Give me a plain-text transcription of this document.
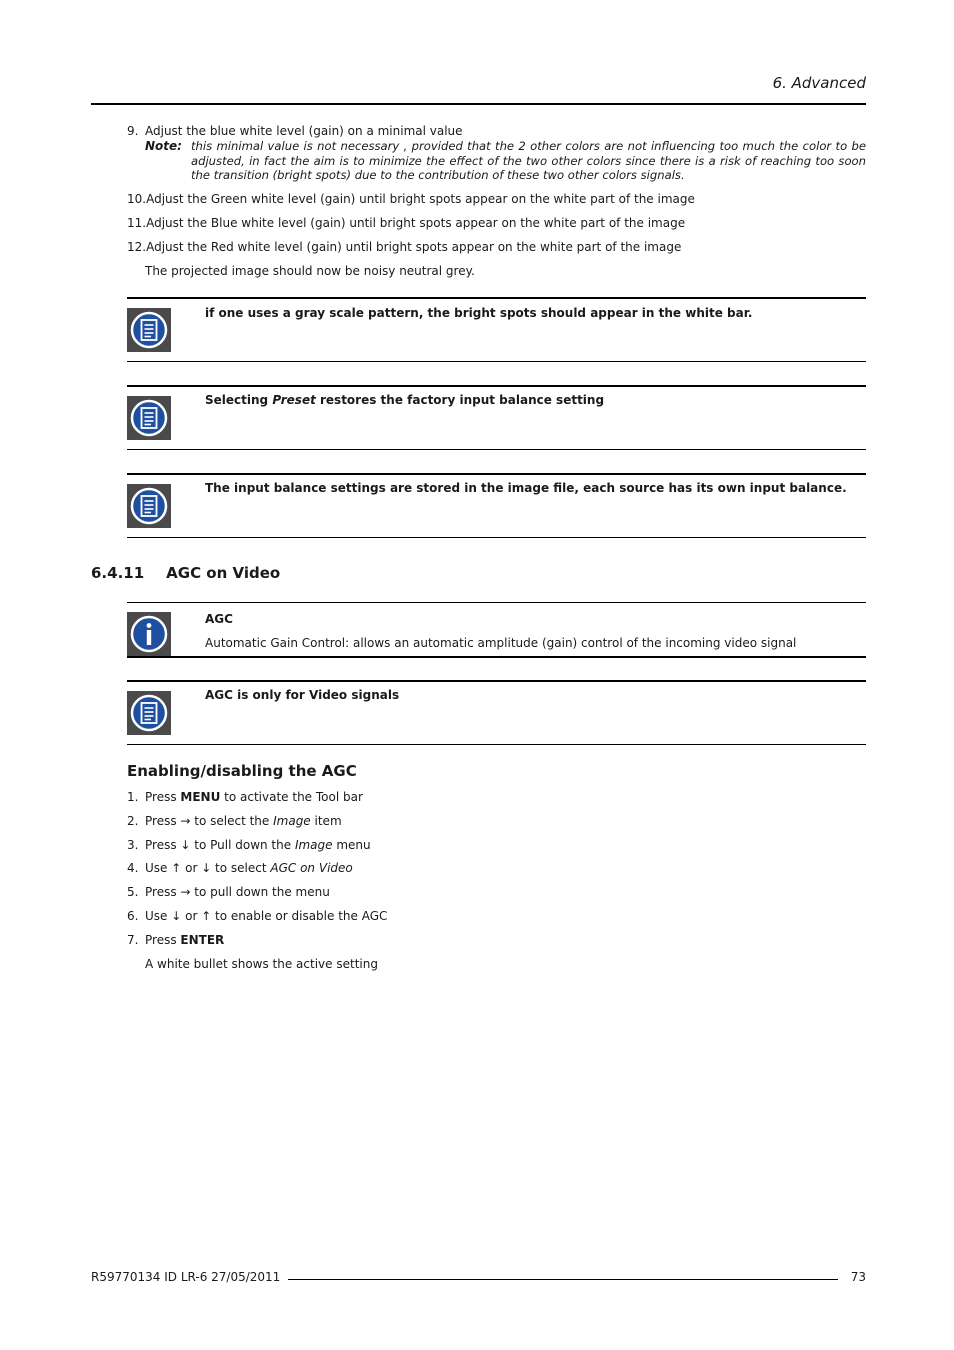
6. Advanced
9. Adjust the blue white level (gain) on a minimal value
Note: this minimal value is not necessary , provided that the 2 other colors are not influencing too much the color to be adjusted, in fact the aim is to minimize the effect of the two other colors since there is a risk of reaching too soon the transition (bright spots) due to the contribution of these two other colors signals.
10.Adjust the Green white level (gain) until bright spots appear on the white part of the image
11.Adjust the Blue white level (gain) until bright spots appear on the white part of the image
12.Adjust the Red white level (gain) until bright spots appear on the white part of the image
The projected image should now be noisy neutral grey.
if one uses a gray scale pattern, the bright spots should appear in the white bar.
Selecting Preset restores the factory input balance setting
The input balance settings are stored in the image file, each source has its own input balance.
6.4.11 AGC on Video
AGC
Automatic Gain Control: allows an automatic amplitude (gain) control of the incoming video signal
AGC is only for Video signals
Enabling/disabling the AGC
1. Press MENU to activate the Tool bar
2. Press → to select the Image item
3. Press ↓ to Pull down the Image menu
4. Use ↑ or ↓ to select AGC on Video
5. Press → to pull down the menu
6. Use ↓ or ↑ to enable or disable the AGC
7. Press ENTER
A white bullet shows the active setting
R59770134 ID LR-6 27/05/2011	73
